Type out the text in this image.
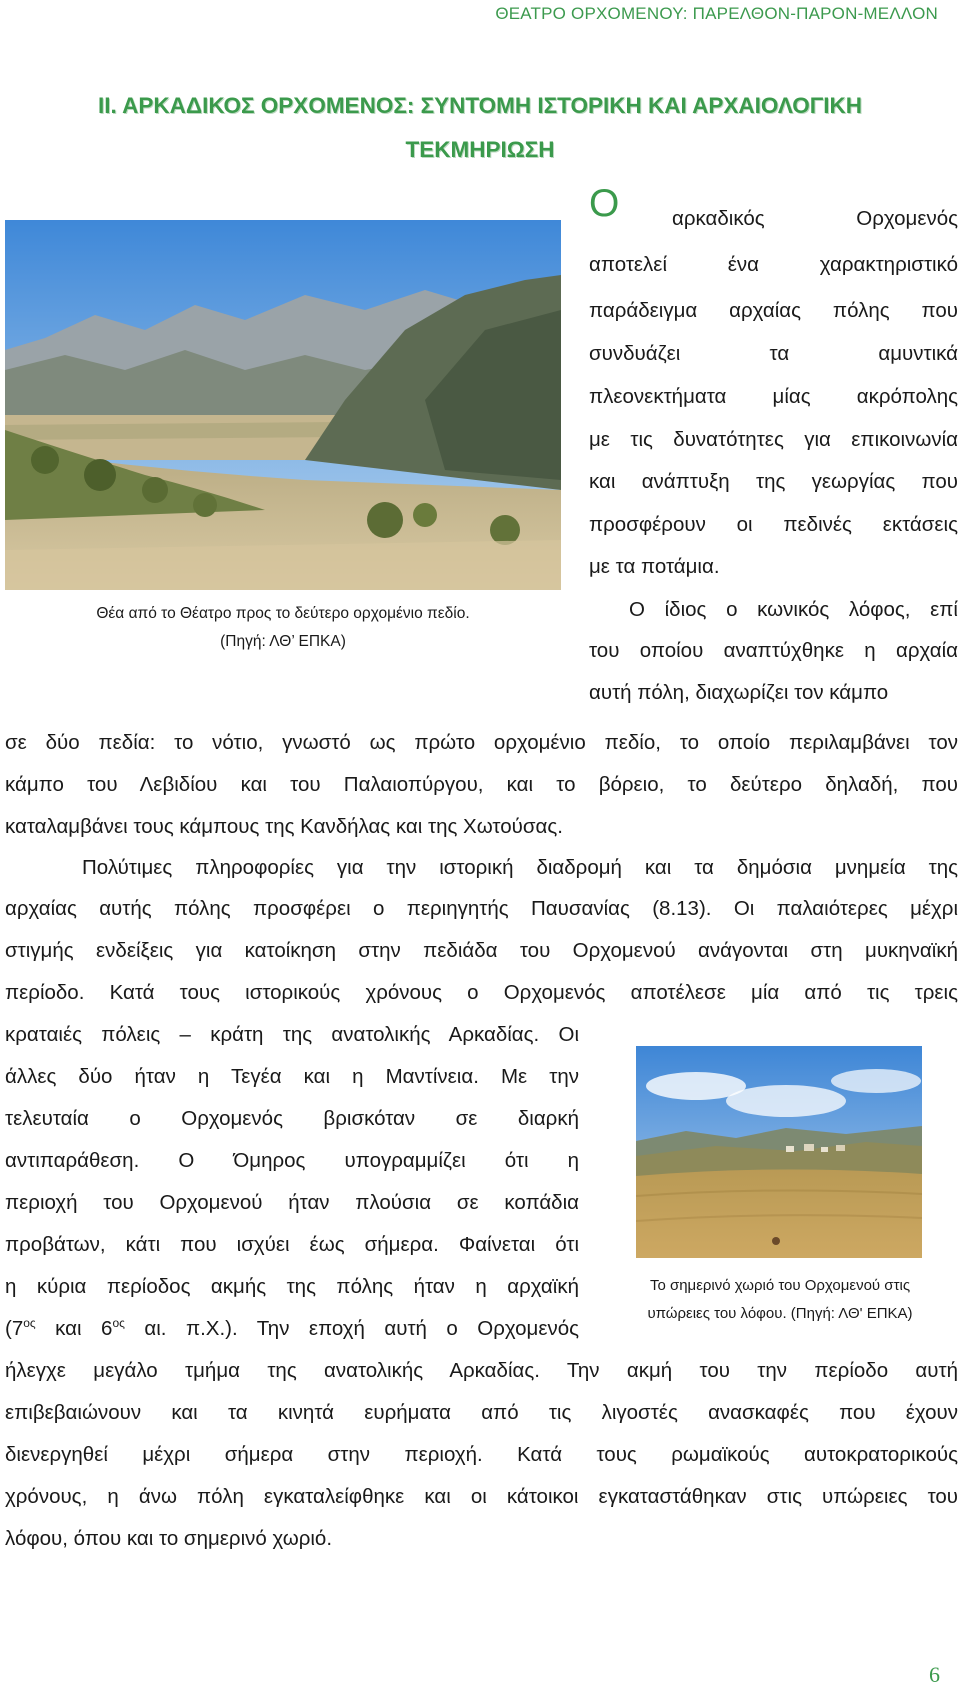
ΘΕΑΤΡΟ ΟΡΧΟΜΕΝΟΥ: ΠΑΡΕΛΘΟΝ-ΠΑΡΟΝ-ΜΕΛΛΟΝ
ΙΙ. ΑΡΚΑΔΙΚΟΣ ΟΡΧΟΜΕΝΟΣ: ΣΥΝΤΟΜΗ ΙΣΤΟΡΙΚΗ ΚΑΙ ΑΡΧΑΙΟΛΟΓΙΚΗ
ΤΕΚΜΗΡΙΩΣΗ
Θέα από το Θέατρο προς το δεύτερο ορχομένιο πεδίο.
(Πηγή: ΛΘ’ ΕΠΚΑ)
Ο	αρκαδικός Ορχομενός
αποτελεί ένα χαρακτηριστικό
παράδειγμα αρχαίας πόλης που
συνδυάζει τα αμυντικά
πλεονεκτήματα μίας ακρόπολης
με τις δυνατότητες για επικοινωνία
και ανάπτυξη της γεωργίας που
προσφέρουν οι πεδινές εκτάσεις
με τα ποτάμια.
Ο ίδιος ο κωνικός λόφος, επί
του οποίου αναπτύχθηκε η αρχαία
αυτή πόλη, διαχωρίζει τον κάμπο
σε δύο πεδία: το νότιο, γνωστό ως πρώτο ορχομένιο πεδίο, το οποίο περιλαμβάνει τον
κάμπο του Λεβιδίου και του Παλαιοπύργου, και το βόρειο, το δεύτερο δηλαδή, που
καταλαμβάνει τους κάμπους της Κανδήλας και της Χωτούσας.
Πολύτιμες πληροφορίες για την ιστορική διαδρομή και τα δημόσια μνημεία της
αρχαίας αυτής πόλης προσφέρει ο περιηγητής Παυσανίας (8.13). Οι παλαιότερες μέχρι
στιγμής ενδείξεις για κατοίκηση στην πεδιάδα του Ορχομενού ανάγονται στη μυκηναϊκή
περίοδο. Κατά τους ιστορικούς χρόνους ο Ορχομενός αποτέλεσε μία από τις τρεις
κραταιές πόλεις – κράτη της ανατολικής Αρκαδίας. Οι
άλλες δύο ήταν η Τεγέα και η Μαντίνεια. Με την
τελευταία ο Ορχομενός βρισκόταν σε διαρκή
αντιπαράθεση. Ο Όμηρος υπογραμμίζει ότι η
περιοχή του Ορχομενού ήταν πλούσια σε κοπάδια
προβάτων, κάτι που ισχύει έως σήμερα. Φαίνεται ότι
η κύρια περίοδος ακμής της πόλης ήταν η αρχαϊκή
($7^{o\varsigma}$ και $6^{o\varsigma}$ αι. π.Χ.). Την εποχή αυτή ο Ορχομενός
ήλεγχε μεγάλο τμήμα της ανατολικής Αρκαδίας. Την ακμή του την περίοδο αυτή
επιβεβαιώνουν και τα κινητά ευρήματα από τις λιγοστές ανασκαφές που έχουν
διενεργηθεί μέχρι σήμερα στην περιοχή. Κατά τους ρωμαϊκούς αυτοκρατορικούς
χρόνους, η άνω πόλη εγκαταλείφθηκε και οι κάτοικοι εγκαταστάθηκαν στις υπώρειες του
λόφου, όπου και το σημερινό χωριό.
Το σημερινό χωριό του Ορχομενού στις
υπώρειες του λόφου. (Πηγή: ΛΘ' ΕΠΚΑ)
6
